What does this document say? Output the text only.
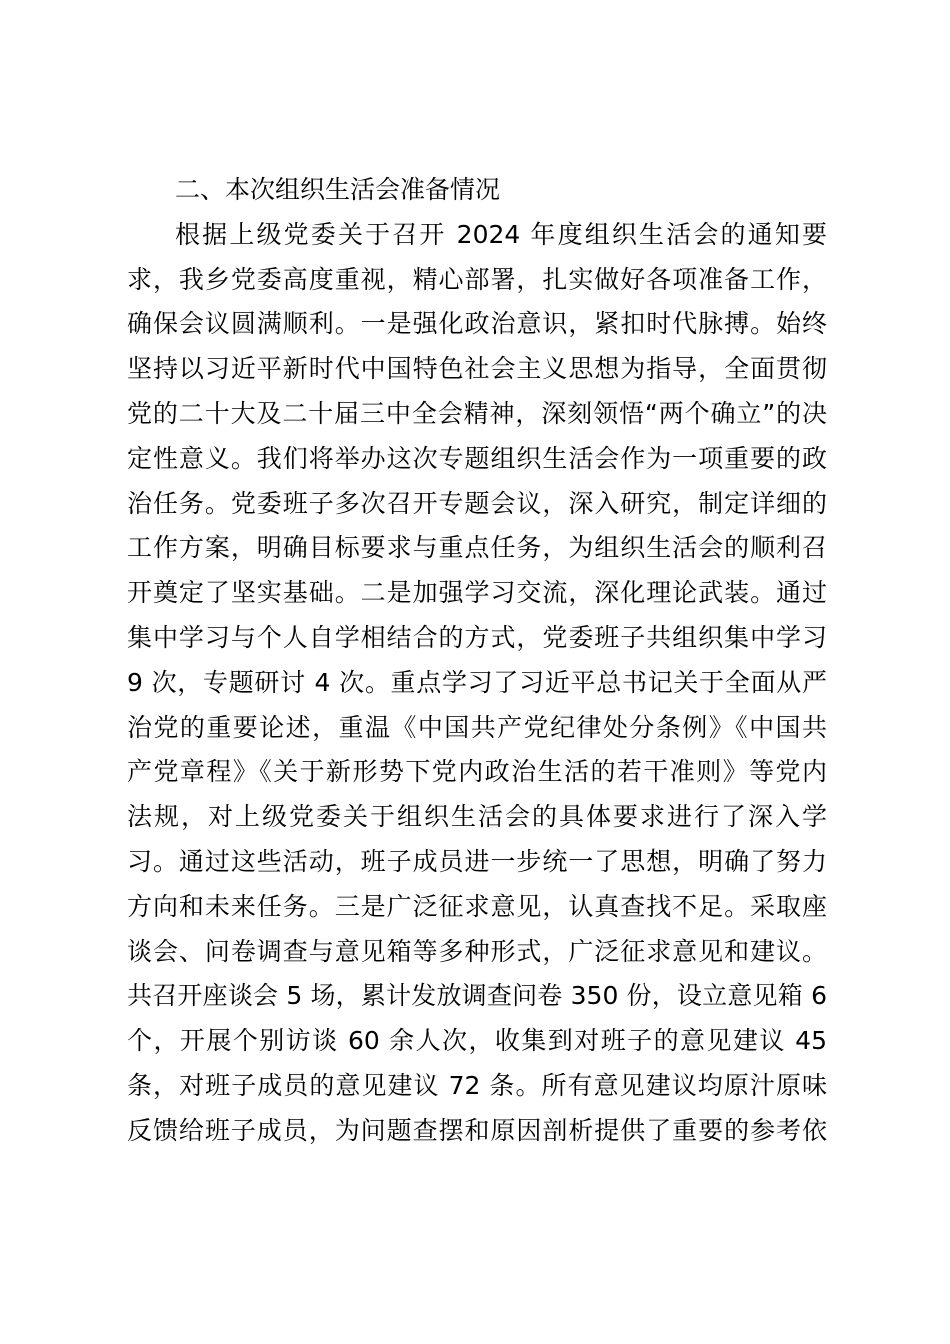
二、本次组织生活会准备情况
根据上级党委关于召开 2024 年度组织生活会的通知要
求，我乡党委高度重视，精心部署，扎实做好各项准备工作，
确保会议圆满顺利。一是强化政治意识，紧扣时代脉搏。始终
坚持以习近平新时代中国特色社会主义思想为指导，全面贯彻
党的二十大及二十届三中全会精神，深刻领悟“两个确立”的决
定性意义。我们将举办这次专题组织生活会作为一项重要的政
治任务。党委班子多次召开专题会议，深入研究，制定详细的
工作方案，明确目标要求与重点任务，为组织生活会的顺利召
开奠定了坚实基础。二是加强学习交流，深化理论武装。通过
集中学习与个人自学相结合的方式，党委班子共组织集中学习
9 次，专题研讨 4 次。重点学习了习近平总书记关于全面从严
治党的重要论述，重温《中国共产党纪律处分条例》《中国共
产党章程》《关于新形势下党内政治生活的若干准则》等党内
法规，对上级党委关于组织生活会的具体要求进行了深入学
习。通过这些活动，班子成员进一步统一了思想，明确了努力
方向和未来任务。三是广泛征求意见，认真查找不足。采取座
谈会、问卷调查与意见箱等多种形式，广泛征求意见和建议。
共召开座谈会 5 场，累计发放调查问卷 350 份，设立意见箱 6
个，开展个别访谈 60 余人次，收集到对班子的意见建议 45
条，对班子成员的意见建议 72 条。所有意见建议均原汁原味
反馈给班子成员，为问题查摆和原因剖析提供了重要的参考依
